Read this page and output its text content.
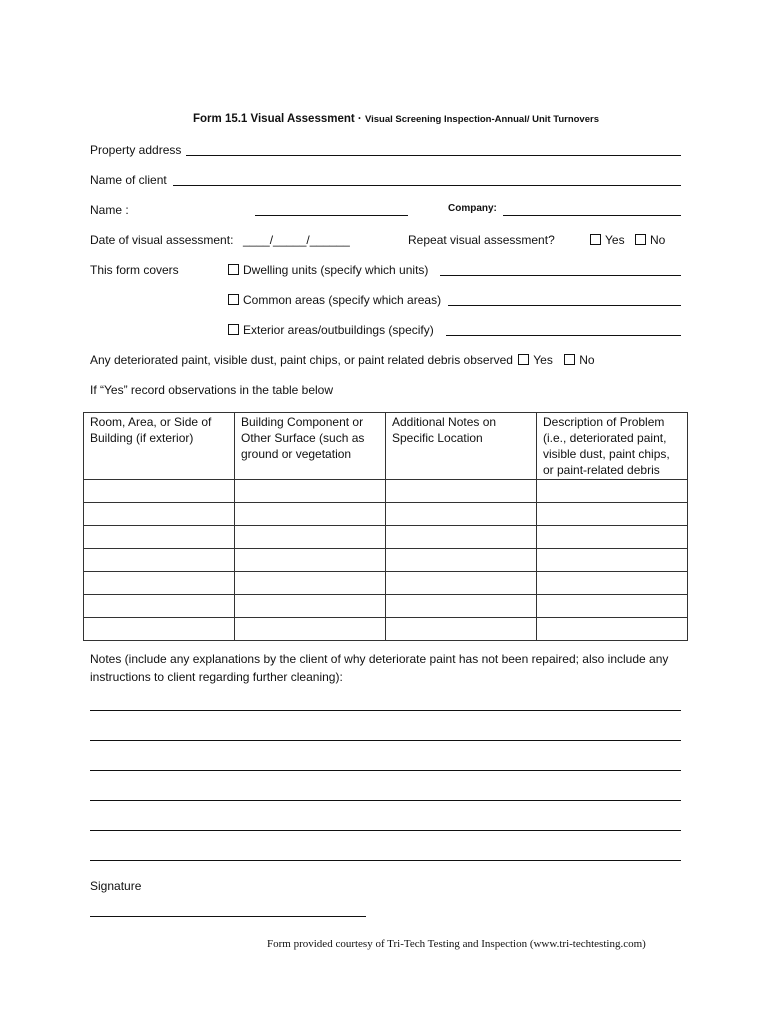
Form 15.1 Visual Assessment · Visual Screening Inspection-Annual/ Unit Turnovers
Property address
Name of client
Name :	Company:
Date of visual assessment: ____/_____/______	Repeat visual assessment?	Yes	No
This form covers	Dwelling units (specify which units)
Common areas (specify which areas)
Exterior areas/outbuildings (specify)
Any deteriorated paint, visible dust, paint chips, or paint related debris observed Yes No
If “Yes” record observations in the table below
Room, Area, or Side of Building (if exterior)	Building Component or Other Surface (such as ground or vegetation	Additional Notes on Specific Location	Description of Problem (i.e., deteriorated paint, visible dust, paint chips, or paint-related debris

Notes (include any explanations by the client of why deteriorate paint has not been repaired; also include any instructions to client regarding further cleaning):
Signature
Form provided courtesy of Tri-Tech Testing and Inspection (www.tri-techtesting.com)
